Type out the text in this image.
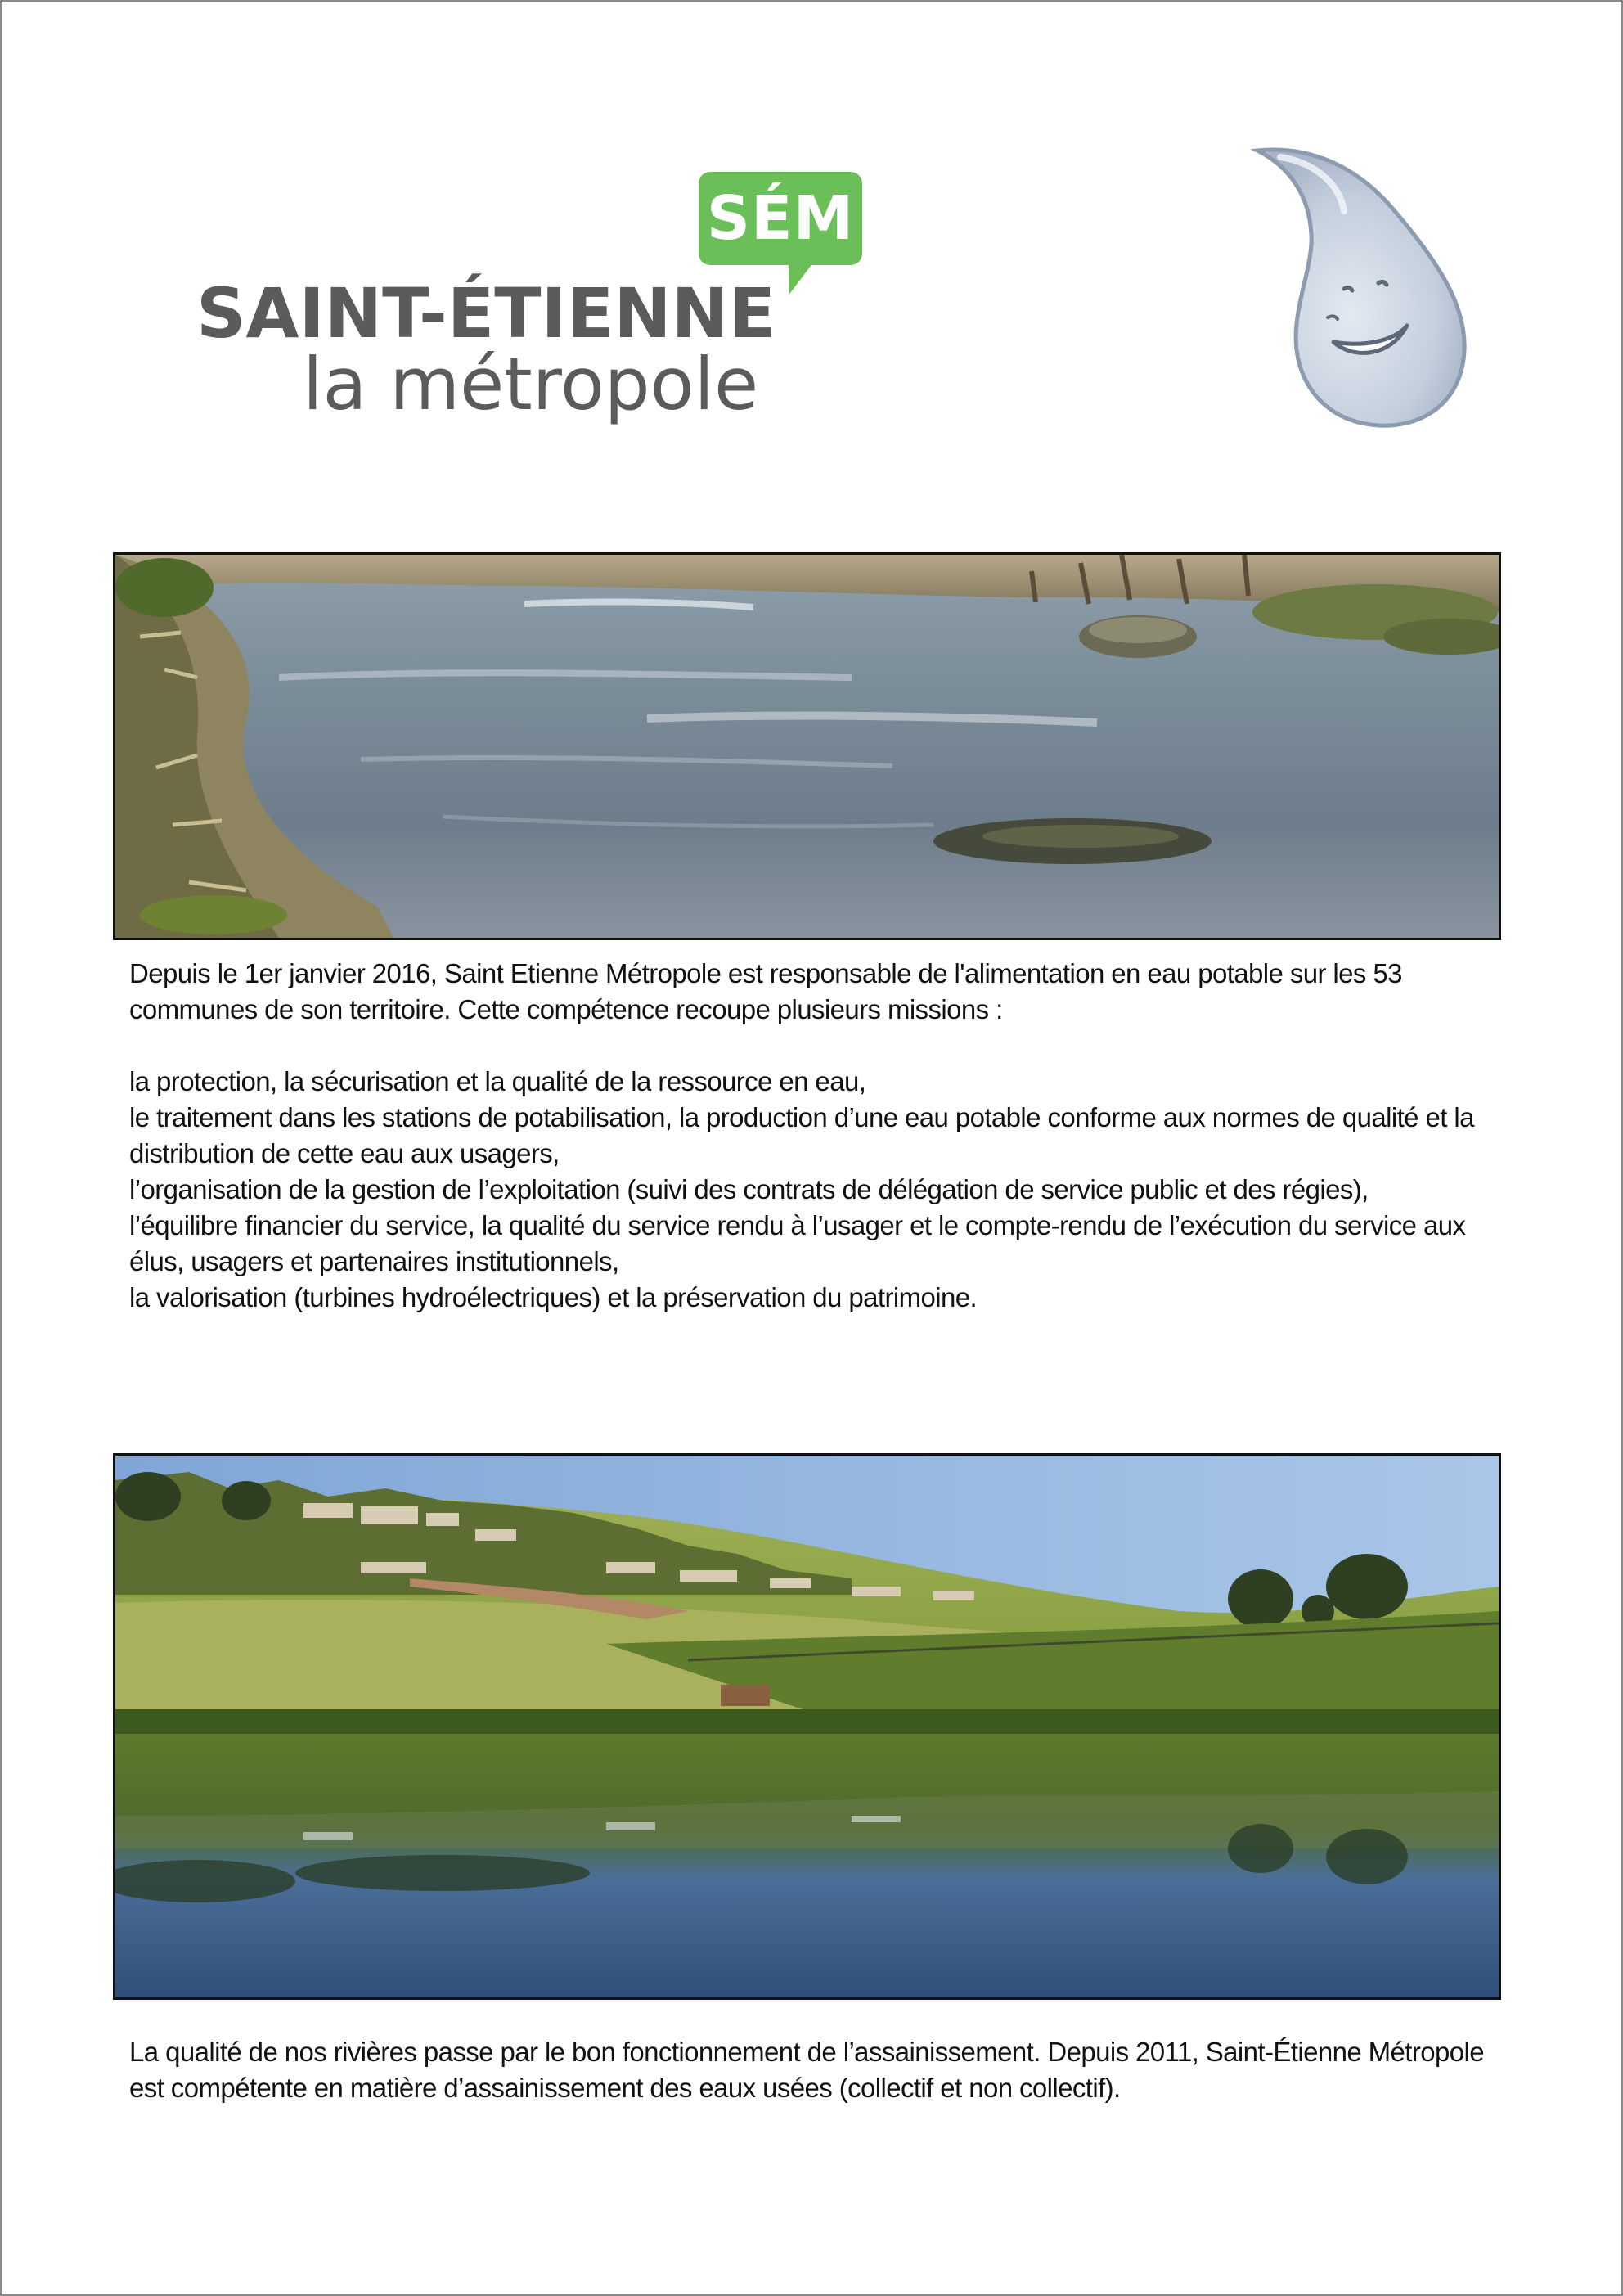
SÉM
SAINT-ÉTIENNE
la métropole

Depuis le 1er janvier 2016, Saint Etienne Métropole est responsable de l'alimentation en eau potable sur les 53 communes de son territoire. Cette compétence recoupe plusieurs missions :

la protection, la sécurisation et la qualité de la ressource en eau,
le traitement dans les stations de potabilisation, la production d’une eau potable conforme aux normes de qualité et la distribution de cette eau aux usagers,
l’organisation de la gestion de l’exploitation (suivi des contrats de délégation de service public et des régies),
l’équilibre financier du service, la qualité du service rendu à l’usager et le compte-rendu de l’exécution du service aux élus, usagers et partenaires institutionnels,
la valorisation (turbines hydroélectriques) et la préservation du patrimoine.

La qualité de nos rivières passe par le bon fonctionnement de l’assainissement. Depuis 2011, Saint-Étienne Métropole est compétente en matière d’assainissement des eaux usées (collectif et non collectif).
